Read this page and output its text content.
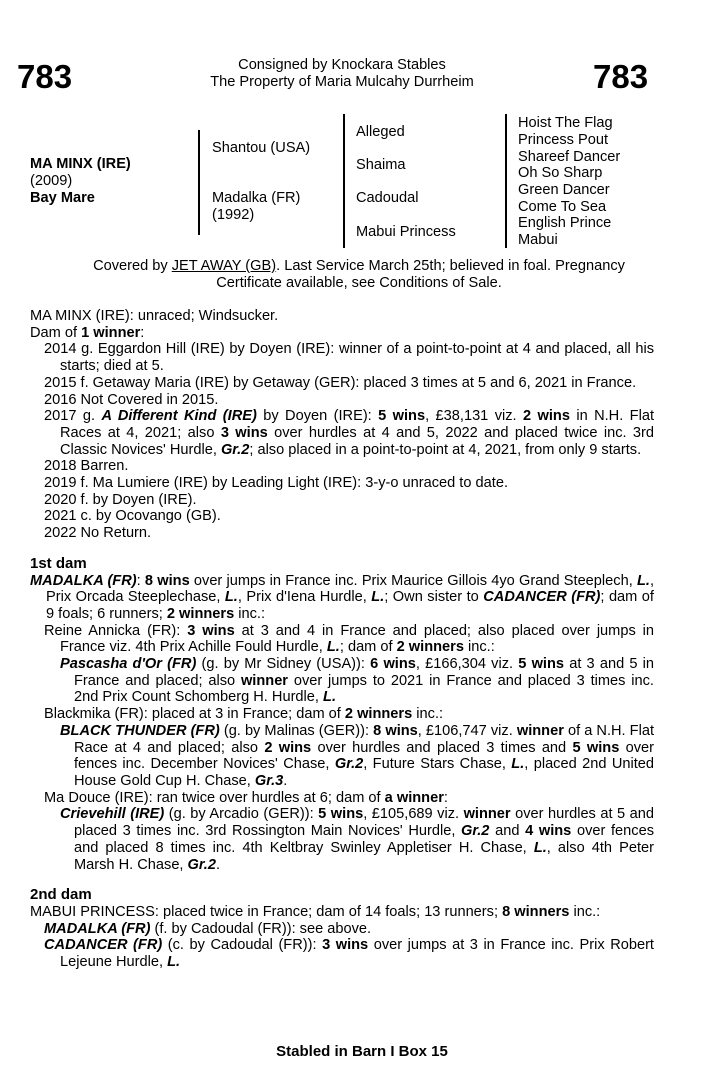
783	783
Consigned by Knockara Stables
The Property of Maria Mulcahy Durrheim
MA MINX (IRE)
(2009)
Bay Mare
Shantou (USA)
Madalka (FR)
(1992)
Alleged
Shaima
Cadoudal
Mabui Princess
Hoist The Flag
Princess Pout
Shareef Dancer
Oh So Sharp
Green Dancer
Come To Sea
English Prince
Mabui
Covered by JET AWAY (GB). Last Service March 25th; believed in foal. Pregnancy
Certificate available, see Conditions of Sale.

MA MINX (IRE): unraced; Windsucker.

Dam of 1 winner:

2014 g. Eggardon Hill (IRE) by Doyen (IRE): winner of a point-to-point at 4 and placed, all his starts; died at 5.

2015 f. Getaway Maria (IRE) by Getaway (GER): placed 3 times at 5 and 6, 2021 in France.

2016 Not Covered in 2015.

2017 g. A Different Kind (IRE) by Doyen (IRE): 5 wins, £38,131 viz. 2 wins in N.H. Flat Races at 4, 2021; also 3 wins over hurdles at 4 and 5, 2022 and placed twice inc. 3rd Classic Novices' Hurdle, Gr.2; also placed in a point-to-point at 4, 2021, from only 9 starts.

2018 Barren.

2019 f. Ma Lumiere (IRE) by Leading Light (IRE): 3-y-o unraced to date.

2020 f. by Doyen (IRE).

2021 c. by Ocovango (GB).

2022 No Return.

1st dam

MADALKA (FR): 8 wins over jumps in France inc. Prix Maurice Gillois 4yo Grand Steeplech, L., Prix Orcada Steeplechase, L., Prix d'Iena Hurdle, L.; Own sister to CADANCER (FR); dam of 9 foals; 6 runners; 2 winners inc.:

Reine Annicka (FR): 3 wins at 3 and 4 in France and placed; also placed over jumps in France viz. 4th Prix Achille Fould Hurdle, L.; dam of 2 winners inc.:

Pascasha d'Or (FR) (g. by Mr Sidney (USA)): 6 wins, £166,304 viz. 5 wins at 3 and 5 in France and placed; also winner over jumps to 2021 in France and placed 3 times inc. 2nd Prix Count Schomberg H. Hurdle, L.

Blackmika (FR): placed at 3 in France; dam of 2 winners inc.:

BLACK THUNDER (FR) (g. by Malinas (GER)): 8 wins, £106,747 viz. winner of a N.H. Flat Race at 4 and placed; also 2 wins over hurdles and placed 3 times and 5 wins over fences inc. December Novices' Chase, Gr.2, Future Stars Chase, L., placed 2nd United House Gold Cup H. Chase, Gr.3.

Ma Douce (IRE): ran twice over hurdles at 6; dam of a winner:

Crievehill (IRE) (g. by Arcadio (GER)): 5 wins, £105,689 viz. winner over hurdles at 5 and placed 3 times inc. 3rd Rossington Main Novices' Hurdle, Gr.2 and 4 wins over fences and placed 8 times inc. 4th Keltbray Swinley Appletiser H. Chase, L., also 4th Peter Marsh H. Chase, Gr.2.

2nd dam

MABUI PRINCESS: placed twice in France; dam of 14 foals; 13 runners; 8 winners inc.:

MADALKA (FR) (f. by Cadoudal (FR)): see above.

CADANCER (FR) (c. by Cadoudal (FR)): 3 wins over jumps at 3 in France inc. Prix Robert Lejeune Hurdle, L.

Stabled in Barn I Box 15
